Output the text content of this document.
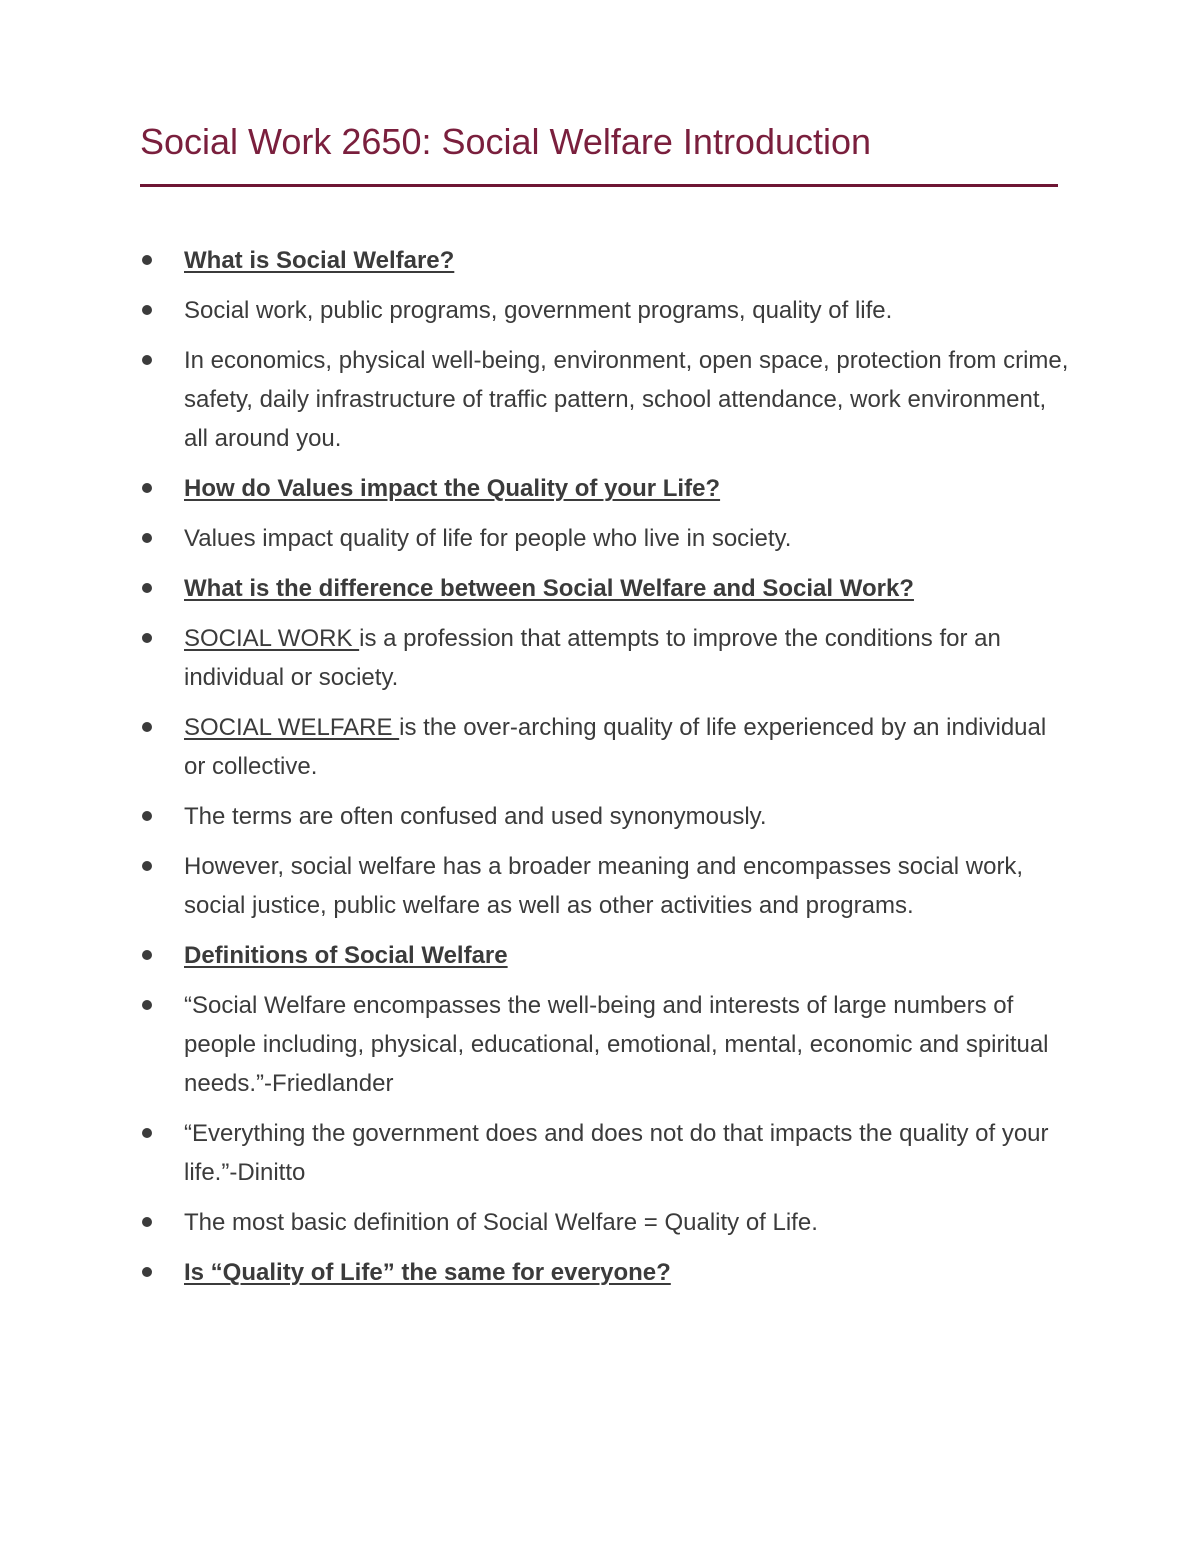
Social Work 2650: Social Welfare Introduction
What is Social Welfare?
Social work, public programs, government programs, quality of life.
In economics, physical well-being, environment, open space, protection from crime, safety, daily infrastructure of traffic pattern, school attendance, work environment, all around you.
How do Values impact the Quality of your Life?
Values impact quality of life for people who live in society.
What is the difference between Social Welfare and Social Work?
SOCIAL WORK is a profession that attempts to improve the conditions for an individual or society.
SOCIAL WELFARE is the over-arching quality of life experienced by an individual or collective.
The terms are often confused and used synonymously.
However, social welfare has a broader meaning and encompasses social work, social justice, public welfare as well as other activities and programs.
Definitions of Social Welfare
“Social Welfare encompasses the well-being and interests of large numbers of people including, physical, educational, emotional, mental, economic and spiritual needs.”-Friedlander
“Everything the government does and does not do that impacts the quality of your life.”-Dinitto
The most basic definition of Social Welfare = Quality of Life.
Is “Quality of Life” the same for everyone?
